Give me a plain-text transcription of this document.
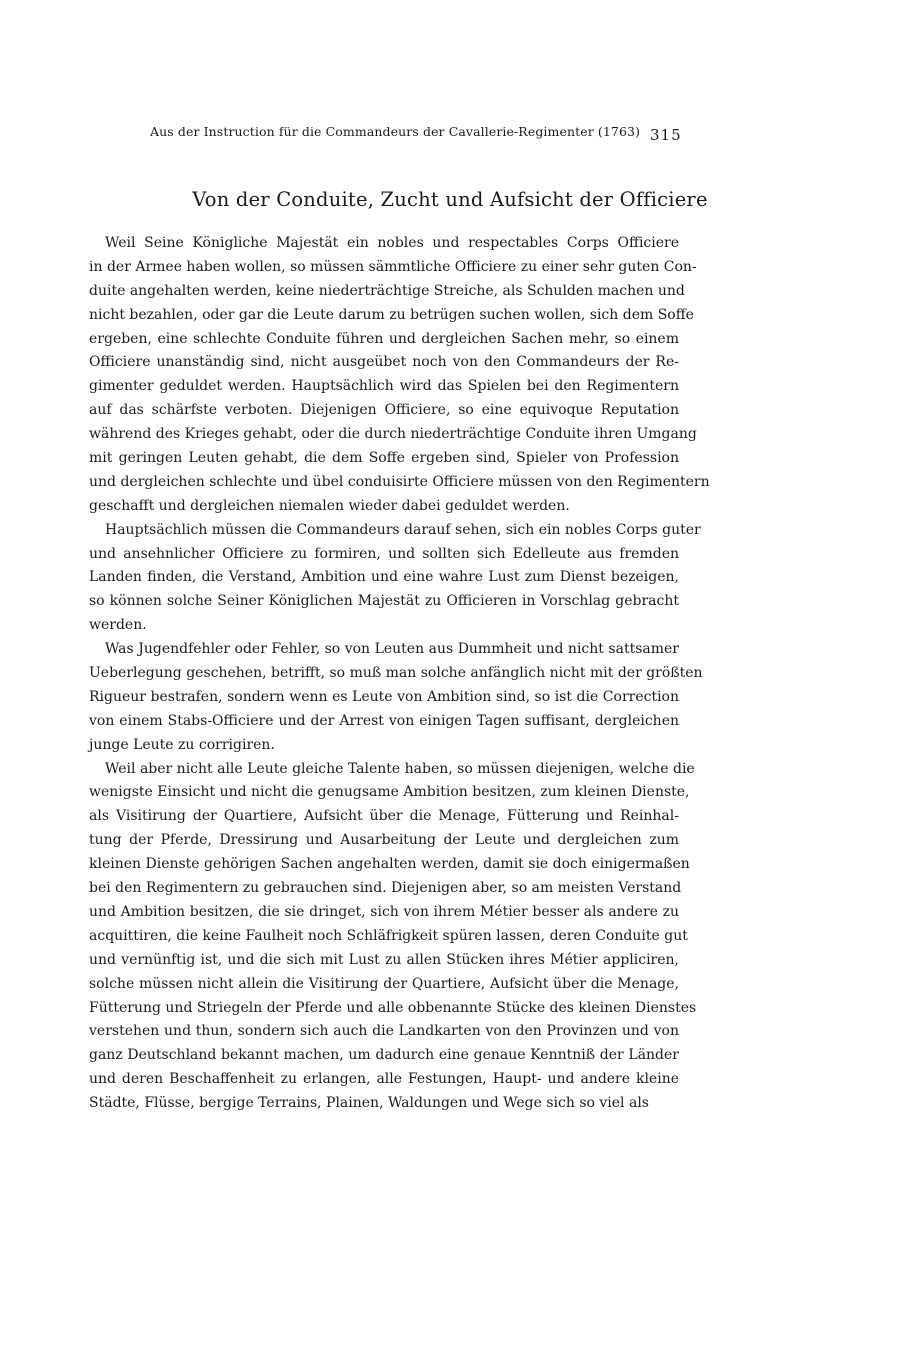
Aus der Instruction für die Commandeurs der Cavallerie-Regimenter (1763) 315
Von der Conduite, Zucht und Aufsicht der Officiere
Weil Seine Königliche Majestät ein nobles und respectables Corps Officiere
in der Armee haben wollen, so müssen sämmtliche Officiere zu einer sehr guten Con-
duite angehalten werden, keine niederträchtige Streiche, als Schulden machen und
nicht bezahlen, oder gar die Leute darum zu betrügen suchen wollen, sich dem Soffe
ergeben, eine schlechte Conduite führen und dergleichen Sachen mehr, so einem
Officiere unanständig sind, nicht ausgeübet noch von den Commandeurs der Re-
gimenter geduldet werden. Hauptsächlich wird das Spielen bei den Regimentern
auf das schärfste verboten. Diejenigen Officiere, so eine equivoque Reputation
während des Krieges gehabt, oder die durch niederträchtige Conduite ihren Umgang
mit geringen Leuten gehabt, die dem Soffe ergeben sind, Spieler von Profession
und dergleichen schlechte und übel conduisirte Officiere müssen von den Regimentern
geschafft und dergleichen niemalen wieder dabei geduldet werden.
Hauptsächlich müssen die Commandeurs darauf sehen, sich ein nobles Corps guter
und ansehnlicher Officiere zu formiren, und sollten sich Edelleute aus fremden
Landen finden, die Verstand, Ambition und eine wahre Lust zum Dienst bezeigen,
so können solche Seiner Königlichen Majestät zu Officieren in Vorschlag gebracht
werden.
Was Jugendfehler oder Fehler, so von Leuten aus Dummheit und nicht sattsamer
Ueberlegung geschehen, betrifft, so muß man solche anfänglich nicht mit der größten
Rigueur bestrafen, sondern wenn es Leute von Ambition sind, so ist die Correction
von einem Stabs-Officiere und der Arrest von einigen Tagen suffisant, dergleichen
junge Leute zu corrigiren.
Weil aber nicht alle Leute gleiche Talente haben, so müssen diejenigen, welche die
wenigste Einsicht und nicht die genugsame Ambition besitzen, zum kleinen Dienste,
als Visitirung der Quartiere, Aufsicht über die Menage, Fütterung und Reinhal-
tung der Pferde, Dressirung und Ausarbeitung der Leute und dergleichen zum
kleinen Dienste gehörigen Sachen angehalten werden, damit sie doch einigermaßen
bei den Regimentern zu gebrauchen sind. Diejenigen aber, so am meisten Verstand
und Ambition besitzen, die sie dringet, sich von ihrem Métier besser als andere zu
acquittiren, die keine Faulheit noch Schläfrigkeit spüren lassen, deren Conduite gut
und vernünftig ist, und die sich mit Lust zu allen Stücken ihres Métier appliciren,
solche müssen nicht allein die Visitirung der Quartiere, Aufsicht über die Menage,
Fütterung und Striegeln der Pferde und alle obbenannte Stücke des kleinen Dienstes
verstehen und thun, sondern sich auch die Landkarten von den Provinzen und von
ganz Deutschland bekannt machen, um dadurch eine genaue Kenntniß der Länder
und deren Beschaffenheit zu erlangen, alle Festungen, Haupt- und andere kleine
Städte, Flüsse, bergige Terrains, Plainen, Waldungen und Wege sich so viel als
